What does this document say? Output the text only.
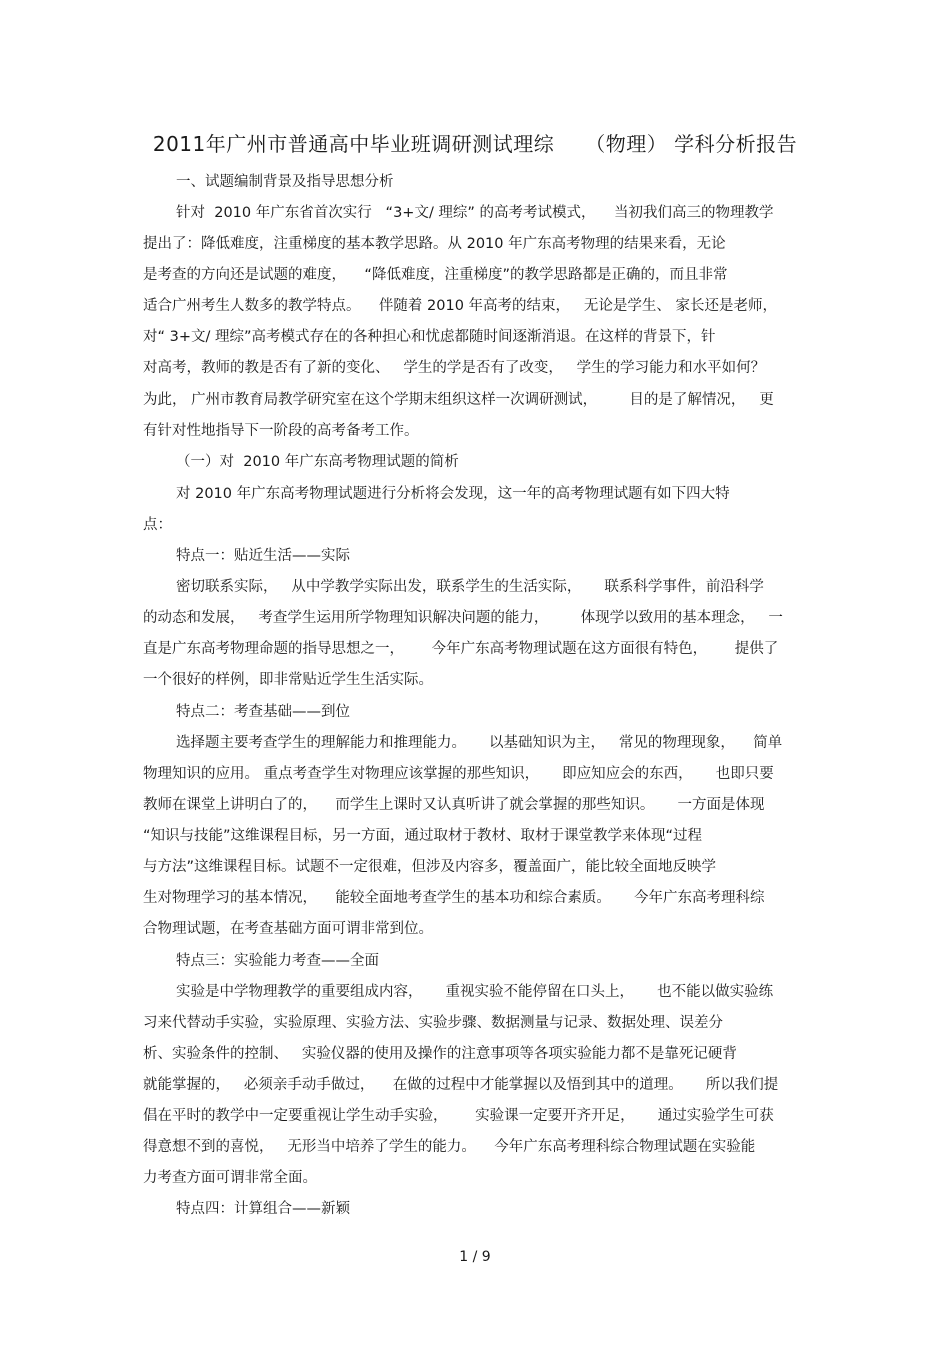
2011年广州市普通高中毕业班调研测试理综　　（物理） 学科分析报告
一、试题编制背景及指导思想分析
针对  2010 年广东省首次实行   “3+文/ 理综” 的高考考试模式，    当初我们高三的物理教学
提出了：降低难度，注重梯度的基本教学思路。从 2010 年广东高考物理的结果来看，无论
是考查的方向还是试题的难度，    “降低难度，注重梯度”的教学思路都是正确的，而且非常
适合广州考生人数多的教学特点。    伴随着 2010 年高考的结束，   无论是学生、 家长还是老师，
对“ 3+文/ 理综”高考模式存在的各种担心和忧虑都随时间逐渐消退。在这样的背景下，针
对高考，教师的教是否有了新的变化、   学生的学是否有了改变，   学生的学习能力和水平如何？
为此， 广州市教育局教学研究室在这个学期末组织这样一次调研测试，       目的是了解情况，   更
有针对性地指导下一阶段的高考备考工作。
（一）对  2010 年广东高考物理试题的简析
对 2010 年广东高考物理试题进行分析将会发现，这一年的高考物理试题有如下四大特
点：
特点一：贴近生活——实际
密切联系实际，   从中学教学实际出发，联系学生的生活实际，     联系科学事件，前沿科学
的动态和发展，   考查学生运用所学物理知识解决问题的能力，       体现学以致用的基本理念，   一
直是广东高考物理命题的指导思想之一，      今年广东高考物理试题在这方面很有特色，      提供了
一个很好的样例，即非常贴近学生生活实际。
特点二：考查基础——到位
选择题主要考查学生的理解能力和推理能力。     以基础知识为主，   常见的物理现象，    简单
物理知识的应用。 重点考查学生对物理应该掌握的那些知识，     即应知应会的东西，     也即只要
教师在课堂上讲明白了的，    而学生上课时又认真听讲了就会掌握的那些知识。     一方面是体现
“知识与技能”这维课程目标，另一方面，通过取材于教材、取材于课堂教学来体现“过程
与方法”这维课程目标。试题不一定很难，但涉及内容多，覆盖面广，能比较全面地反映学
生对物理学习的基本情况，    能较全面地考查学生的基本功和综合素质。     今年广东高考理科综
合物理试题，在考查基础方面可谓非常到位。
特点三：实验能力考查——全面
实验是中学物理教学的重要组成内容，     重视实验不能停留在口头上，     也不能以做实验练
习来代替动手实验，实验原理、实验方法、实验步骤、数据测量与记录、数据处理、误差分
析、实验条件的控制、   实验仪器的使用及操作的注意事项等各项实验能力都不是靠死记硬背
就能掌握的，   必须亲手动手做过，    在做的过程中才能掌握以及悟到其中的道理。     所以我们提
倡在平时的教学中一定要重视让学生动手实验，      实验课一定要开齐开足，     通过实验学生可获
得意想不到的喜悦，   无形当中培养了学生的能力。    今年广东高考理科综合物理试题在实验能
力考查方面可谓非常全面。
特点四：计算组合——新颖
1 / 9
